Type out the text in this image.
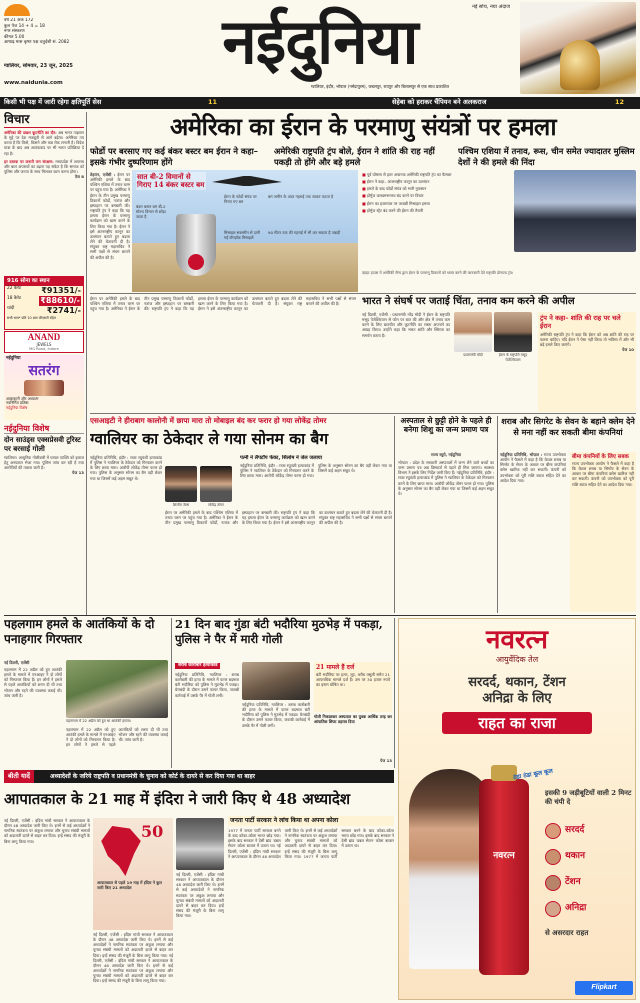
वर्ष 21 अंक 172
कुल पेज 14 + 4 = 18
नगर संस्करण
कीमत 5.00
आषाढ़ मास कृष्ण पक्ष चतुर्दशी सं. 2082
ग्वालियर, सोमवार, 23 जून, 2025
www.naidunia.com
नईदुनिया	नई सोच, नया अंदाज
ग्वालियर, इंदौर, भोपाल (नर्मदापुरम), जबलपुर, रायपुर और बिलासपुर से एक साथ प्रकाशित
किसी भी पक्ष में जारी रहेगा क्षतिपूर्ति सेस	11	सेहेबा को हराकर चैंपियन बने अलकराज	12
विचार
अमेरिका की दखल कूटनीति का दौर: अब भारत ताइवान के मुद्दे पर देश मजबूती से आगे बढ़ेगा। अमेरिका तय करता है कि किसे, किसने और कब रोक लगानी है। विदेश यात्रा के बाद अब आतंकवाद पर भी भारत प्रतिक्रिया दे रहा है।
हर दस्तक पर जरूरी जन संरक्षण: मध्यप्रदेश में अपराध और बाल अपराधों का बढ़ना यह संकेत है कि समाज को पुलिस और जनता के साथ मिलकर काम करना होगा।
पेज 8
916 सोना का स्थान
22 कैरेट	₹91351/-
18 कैरेट ₹88610/-
चांदी	₹2741/-
सभी भाव* प्रति 10 ग्राम जीएसटी रहित
ANAND
JEWELS
MG Road, Indore
नईदुनिया
सतरंग
आज्ञाकारी और अध्यात्म
नवनिर्मित प्रतिष्ठा
नईदुनिया विशेष
नईदुनिया विशेष
दोन साउंड्स एक्सप्रेसवी टूरिस्ट पर बरसाई गोली
ग्वालियर। आधुनिक गोलीबारी में घायल व्यक्ति को इलाज हेतु अस्पताल भेजा गया। पुलिस जांच कर रही है तथा आरोपियों की तलाश जारी है।
पेज 13
अमेरिका का ईरान के परमाणु संयंत्रों पर हमला
फोर्डो पर बरसाए गए कई बंकर बस्टर बम ईरान ने कहा–इसके गंभीर दुष्परिणाम होंगे
अमेरिकी राष्ट्रपति ट्रंप बोले, ईरान ने शांति की राह नहीं पकड़ी तो होंगे और बड़े हमले
पश्चिम एशिया में तनाव, रूस, चीन समेत ज्यादातर मुस्लिम देशों ने की हमले की निंदा
तेहरान, एजेंसी : ईरान पर अमेरिकी हमले के बाद पश्चिम एशिया में तनाव चरम पर पहुंच गया है। अमेरिका ने ईरान के तीन प्रमुख परमाणु ठिकानों फोर्डो, नतांज और इस्फहान पर बमबारी की। राष्ट्रपति ट्रंप ने कहा कि यह हमला ईरान के परमाणु कार्यक्रम को खत्म करने के लिए किया गया है। ईरान ने इसे अंतरराष्ट्रीय कानून का उल्लंघन बताते हुए बदला लेने की चेतावनी दी है। संयुक्त राष्ट्र महासचिव ने सभी पक्षों से संयम बरतने की अपील की है।
सात बी-2 विमानों से गिराए 14 बंकर बस्टर बम
बंकर बस्टर बम बी-2 स्टेल्थ विमान से छोड़ा जाता है
ईरान के फोर्डो संयंत्र पर गिराए गए बम
मिसाइल सबमरीन से दागी गईं टॉमहॉक मिसाइलें
बम जमीन के अंदर गहराई तक जाकर फटता है
90 मीटर तक की गहराई में भी कर सकता है तबाही
■ पूर्व घोषणा से इतर अचानक अमेरिकी राष्ट्रपति ट्रंप का फैसला
■ ईरान ने कहा– अंतरराष्ट्रीय कानून का उल्लंघन
■ हमले के बाद फोर्डो संयंत्र को भारी नुकसान
■ होर्मुज जलडमरूमध्य बंद करने पर विचार
■ ईरान का इजरायल पर जवाबी मिसाइल हमला
■ होर्मुज स्ट्रेट बंद करने की ईरान की तैयारी
व्हाइट हाउस में अमेरिकी सैन्य द्वारा ईरान के परमाणु ठिकानों को ध्वस्त करने की जानकारी देते राष्ट्रपति डोनाल्ड ट्रंप।
भारत ने संघर्ष पर जताई चिंता, तनाव कम करने की अपील
नई दिल्ली, एजेंसी : प्रधानमंत्री नरेंद्र मोदी ने ईरान के राष्ट्रपति मसूद पेजेश्कियान से फोन पर बात की और क्षेत्र में तनाव कम करने के लिए बातचीत और कूटनीति का रास्ता अपनाने का आग्रह किया। उन्होंने कहा कि भारत शांति और स्थिरता का समर्थन करता है।
प्रधानमंत्री मोदी	ईरान के राष्ट्रपति मसूद पेजेश्कियान
ट्रंप ने कहा– शांति की राह पर चले ईरान
अमेरिकी राष्ट्रपति ट्रंप ने कहा कि ईरान को अब शांति की राह पर चलना चाहिए। यदि ईरान ने ऐसा नहीं किया तो भविष्य में और भी बड़े हमले किए जाएंगे।
पेज 10
ईरान पर अमेरिकी हमले के बाद पश्चिम एशिया में तनाव चरम पर पहुंच गया है। अमेरिका ने ईरान के तीन प्रमुख परमाणु ठिकानों फोर्डो, नतांज और इस्फहान पर बमबारी की। राष्ट्रपति ट्रंप ने कहा कि यह हमला ईरान के परमाणु कार्यक्रम को खत्म करने के लिए किया गया है। ईरान ने इसे अंतरराष्ट्रीय कानून का उल्लंघन बताते हुए बदला लेने की चेतावनी दी है। संयुक्त राष्ट्र महासचिव ने सभी पक्षों से संयम बरतने की अपील की है।
एसआइटी ने हीराबाग कालोनी में छापा मारा तो मोबाइल बंद कर फरार हो गया लोकेंद्र तोमर
ग्वालियर का ठेकेदार ले गया सोनम का बैग
पत्नी ने लैपटॉप फेंका, सिलोम ने जेल जलाया
नईदुनिया प्रतिनिधि, इंदौर : राजा रघुवंशी हत्याकांड में पुलिस ने ग्वालियर के ठेकेदार को गिरफ्तार करने के लिए छापा मारा। आरोपी लोकेंद्र तोमर फरार हो गया। पुलिस के अनुसार सोनम का बैग वही लेकर गया था जिसमें कई अहम सबूत थे।
शिलॉम जेम्स	लोकेंद्र तोमर
नईदुनिया प्रतिनिधि, इंदौर : राजा रघुवंशी हत्याकांड में पुलिस ने ग्वालियर के ठेकेदार को गिरफ्तार करने के लिए छापा मारा। आरोपी लोकेंद्र तोमर फरार हो गया। पुलिस के अनुसार सोनम का बैग वही लेकर गया था जिसमें कई अहम सबूत थे।
ईरान पर अमेरिकी हमले के बाद पश्चिम एशिया में तनाव चरम पर पहुंच गया है। अमेरिका ने ईरान के तीन प्रमुख परमाणु ठिकानों फोर्डो, नतांज और इस्फहान पर बमबारी की। राष्ट्रपति ट्रंप ने कहा कि यह हमला ईरान के परमाणु कार्यक्रम को खत्म करने के लिए किया गया है। ईरान ने इसे अंतरराष्ट्रीय कानून का उल्लंघन बताते हुए बदला लेने की चेतावनी दी है। संयुक्त राष्ट्र महासचिव ने सभी पक्षों से संयम बरतने की अपील की है।
अस्पताल से छुट्टी होने के पहले ही बनेगा शिशु का जन्म प्रमाण पत्र
राज्य ब्यूरो, नईदुनिया
भोपाल : प्रदेश के सरकारी अस्पतालों में जन्म लेने वाले बच्चों का जन्म प्रमाण पत्र अब डिस्चार्ज से पहले ही मिल जाएगा। स्वास्थ्य विभाग ने इसके लिए निर्देश जारी किए हैं। नईदुनिया प्रतिनिधि, इंदौर : राजा रघुवंशी हत्याकांड में पुलिस ने ग्वालियर के ठेकेदार को गिरफ्तार करने के लिए छापा मारा। आरोपी लोकेंद्र तोमर फरार हो गया। पुलिस के अनुसार सोनम का बैग वही लेकर गया था जिसमें कई अहम सबूत थे।
शराब और सिगरेट के सेवन के बहाने क्लेम देने से मना नहीं कर सकती बीमा कंपनियां
नईदुनिया प्रतिनिधि, भोपाल : राज्य उपभोक्ता आयोग ने फैसले में कहा है कि केवल शराब या सिगरेट के सेवन के आधार पर बीमा कंपनियां क्लेम खारिज नहीं कर सकतीं। कंपनी को उपभोक्ता को पूरी राशि ब्याज सहित देने का आदेश दिया गया।
बीमा कंपनियों के लिए सबक
राज्य उपभोक्ता आयोग ने फैसले में कहा है कि केवल शराब या सिगरेट के सेवन के आधार पर बीमा कंपनियां क्लेम खारिज नहीं कर सकतीं। कंपनी को उपभोक्ता को पूरी राशि ब्याज सहित देने का आदेश दिया गया।
पहलगाम हमले के आतंकियों के दो पनाहगार गिरफ्तार
नई दिल्ली, एजेंसी
पहलगाम में 22 अप्रैल को हुए आतंकी हमले के मामले में एनआइए ने दो लोगों को गिरफ्तार किया है। इन लोगों ने हमले से पहले आतंकियों को शरण दी थी तथा भोजन और रहने की व्यवस्था कराई थी। जांच जारी है।
पहलगाम में 22 अप्रैल को हुए था आतंकी हमला।
पहलगाम में 22 अप्रैल को हुए आतंकी हमले के मामले में एनआइए ने दो लोगों को गिरफ्तार किया है। इन लोगों ने हमले से पहले आतंकियों को शरण दी थी तथा भोजन और रहने की व्यवस्था कराई थी। जांच जारी है।
21 दिन बाद गुंडा बंटी भदौरिया मुठभेड़ में पकड़ा, पुलिस ने पैर में मारी गोली
शराब कारोबार हत्याकांड
नईदुनिया प्रतिनिधि, ग्वालियर : शराब कारोबारी की हत्या के मामले में फरार बदमाश बंटी भदौरिया को पुलिस ने मुठभेड़ में पकड़ा। घेराबंदी के दौरान उसने फायर किया, जवाबी कार्रवाई में उसके पैर में गोली लगी।
नईदुनिया प्रतिनिधि, ग्वालियर : शराब कारोबारी की हत्या के मामले में फरार बदमाश बंटी भदौरिया को पुलिस ने मुठभेड़ में पकड़ा। घेराबंदी के दौरान उसने फायर किया, जवाबी कार्रवाई में उसके पैर में गोली लगी।
21 मामले हैं दर्ज
बंटी भदौरिया पर हत्या, लूट, अवैध वसूली समेत 21 आपराधिक मामले दर्ज हैं। उस पर 30 हजार रुपये का इनाम घोषित था।
गोली निकालकर अस्पताल का युवक आर्थिक तरह कर आंपातिक शिफ्ट ठहराव दिया
पेज 13
नवरत्न
आयुर्वेदिक तेल
सरदर्द, थकान, टेंशन
अनिद्रा के लिए
राहत का राजा
नवरत्न
ठंडा ठंडा कूल कूल
इसकी 9 जड़ीबूटियों वाली 2 मिनट की चंपी दे
सरदर्द
थकान
टेंशन
अनिद्रा
से असरदार राहत
Flipkart
बीती यादें	अध्यादेशों के जरिये राष्ट्रपति व प्रधानमंत्री के चुनाव को कोर्ट के दायरे से कर दिया गया था बाहर
आपातकाल के 21 माह में इंदिरा ने जारी किए थे 48 अध्यादेश
नई दिल्ली, एजेंसी : इंदिरा गांधी सरकार ने आपातकाल के दौरान 48 अध्यादेश जारी किए थे। इनमें से कई अध्यादेशों ने नागरिक स्वतंत्रता पर अंकुश लगाया और चुनाव संबंधी मामलों को अदालती दायरे से बाहर कर दिया। इन्हें संसद की मंजूरी के बिना लागू किया गया।
50
आपातकाल से पहले 19 माह में इंदिरा ने कुल जारी किए 21 अध्यादेश
नई दिल्ली, एजेंसी : इंदिरा गांधी सरकार ने आपातकाल के दौरान 48 अध्यादेश जारी किए थे। इनमें से कई अध्यादेशों ने नागरिक स्वतंत्रता पर अंकुश लगाया और चुनाव संबंधी मामलों को अदालती दायरे से बाहर कर दिया। इन्हें संसद की मंजूरी के बिना लागू किया गया।
नई दिल्ली, एजेंसी : इंदिरा गांधी सरकार ने आपातकाल के दौरान 48 अध्यादेश जारी किए थे। इनमें से कई अध्यादेशों ने नागरिक स्वतंत्रता पर अंकुश लगाया और चुनाव संबंधी मामलों को अदालती दायरे से बाहर कर दिया। इन्हें संसद की मंजूरी के बिना लागू किया गया। नई दिल्ली, एजेंसी : इंदिरा गांधी सरकार ने आपातकाल के दौरान 48 अध्यादेश जारी किए थे। इनमें से कई अध्यादेशों ने नागरिक स्वतंत्रता पर अंकुश लगाया और चुनाव संबंधी मामलों को अदालती दायरे से बाहर कर दिया। इन्हें संसद की मंजूरी के बिना लागू किया गया।
जनता पार्टी सरकार ने लांच किया था अपना कोला
1977 में जनता पार्टी सरकार बनने के बाद कोका-कोला भारत छोड़ गया। इसके बाद सरकार ने देसी ब्रांड 'डबल सेवन' कोला बाजार में उतारा था। नई दिल्ली, एजेंसी : इंदिरा गांधी सरकार ने आपातकाल के दौरान 48 अध्यादेश जारी किए थे। इनमें से कई अध्यादेशों ने नागरिक स्वतंत्रता पर अंकुश लगाया और चुनाव संबंधी मामलों को अदालती दायरे से बाहर कर दिया। इन्हें संसद की मंजूरी के बिना लागू किया गया। 1977 में जनता पार्टी सरकार बनने के बाद कोका-कोला भारत छोड़ गया। इसके बाद सरकार ने देसी ब्रांड 'डबल सेवन' कोला बाजार में उतारा था।
